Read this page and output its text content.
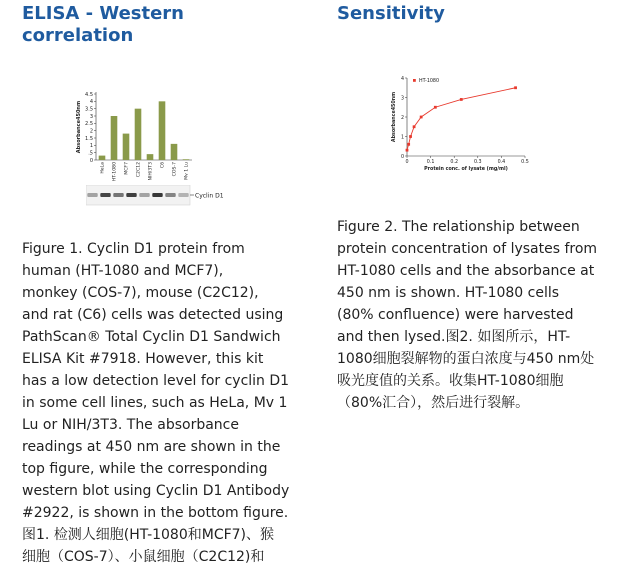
ELISA - Western
correlation
0
.5
1
1.5
2
2.5
3
3.5
4
4.5
Absorbance450nm
HeLa HT-1080 MCF7 C2C12 NIH/3T3 C6 COS-7 Mv 1 Lu
Cyclin D1

Figure 1. Cyclin D1 protein from
human (HT-1080 and MCF7),
monkey (COS-7), mouse (C2C12),
and rat (C6) cells was detected using
PathScan® Total Cyclin D1 Sandwich
ELISA Kit #7918. However, this kit
has a low detection level for cyclin D1
in some cell lines, such as HeLa, Mv 1
Lu or NIH/3T3. The absorbance
readings at 450 nm are shown in the
top figure, while the corresponding
western blot using Cyclin D1 Antibody
#2922, is shown in the bottom figure.
图1. 检测人细胞(HT-1080和MCF7)、猴
细胞（COS-7）、小鼠细胞（C2C12)和

Sensitivity
0	0.1	0.2	0.3	0.4	0.5
0
1
2
3
4
Protein conc. of lysate (mg/ml)
Absorbance450nm
HT-1080

Figure 2. The relationship between
protein concentration of lysates from
HT-1080 cells and the absorbance at
450 nm is shown. HT-1080 cells
(80% confluence) were harvested
and then lysed.图2. 如图所示，HT-
1080细胞裂解物的蛋白浓度与450 nm处
吸光度值的关系。收集HT-1080细胞
（80%汇合），然后进行裂解。
